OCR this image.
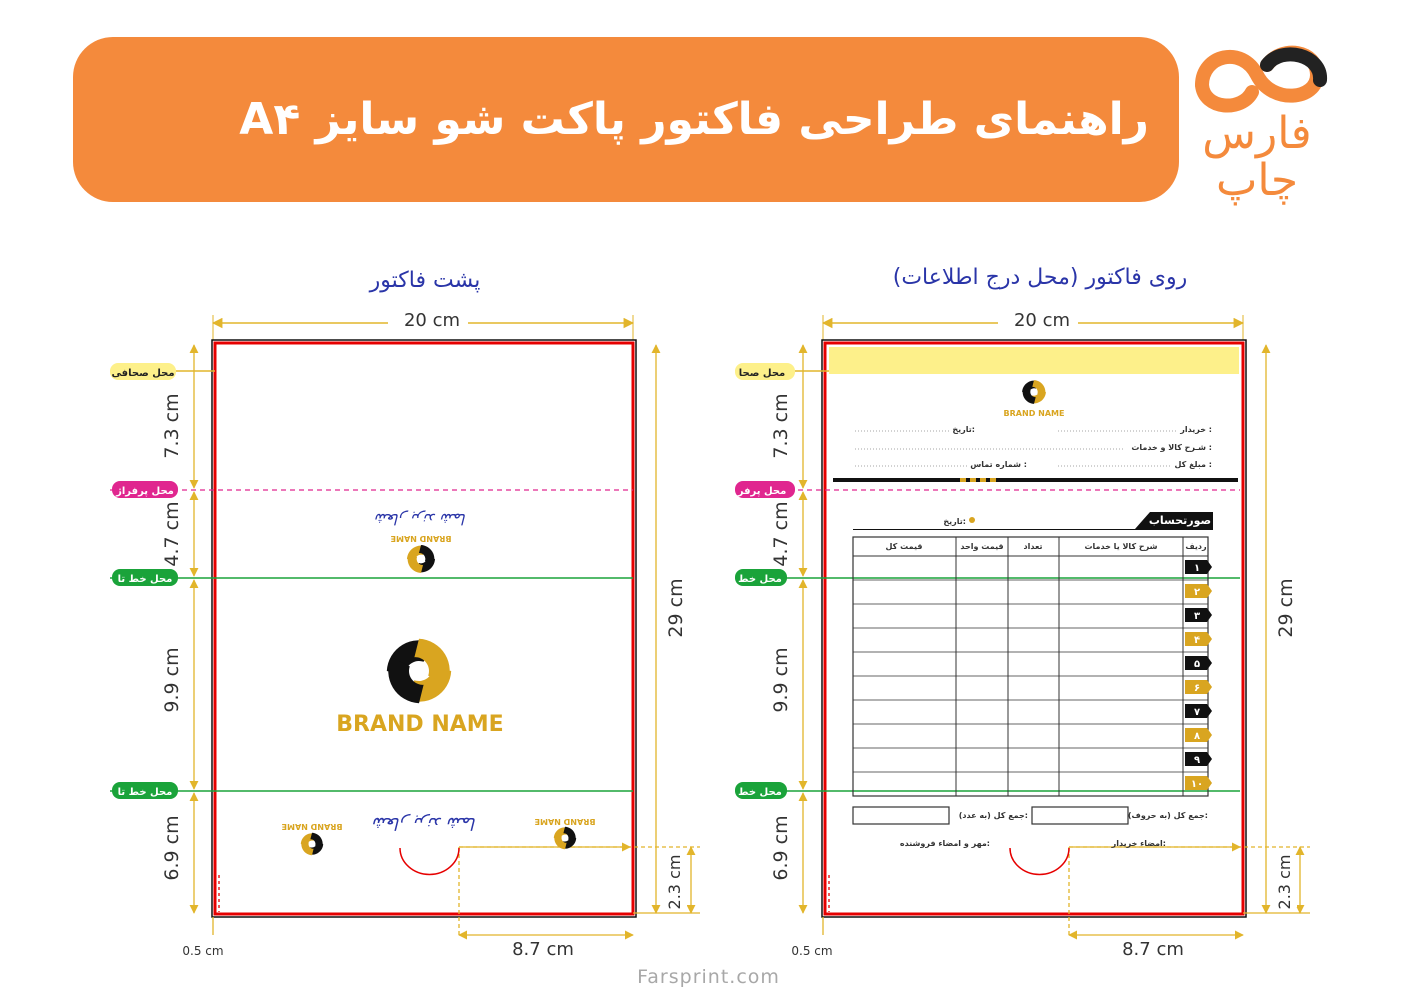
راهنمای طراحی فاکتور پاکت شو سایز A۴ فارس
چاپ
پشت فاکتور	روی فاکتور (محل درج اطلاعات)
20 cm
7.3 cm
4.7 cm
9.9 cm
6.9 cm
29 cm
2.3 cm
8.7 cm
0.5 cm
محل صحافی
محل پرفراژ
محل خط تا
محل خط تا
شعار برند شما
BRAND NAME
BRAND NAME
BRAND NAME
BRAND NAME
شعار برند شما
20 cm
7.3 cm
4.7 cm
9.9 cm
6.9 cm
29 cm
2.3 cm
8.7 cm
0.5 cm
محل صحا
محل پرفر
محل خط
محل خط
BRAND NAME
خریدار :
تاریخ:
شـرح کالا و خدمات :
مبلغ کل :
شماره تماس :
صورتحساب
تاریخ:
ردیف
شرح کالا یا خدمات
تعداد
قیمت واحد
قیمت کل
۱
۲
۳
۴
۵
۶
۷
۸
۹
۱۰
جمع کل (به حروف):
جمع کل (به عدد):
امضاء خریدار:
مهر و امضاء فروشنده:
Farsprint.com
